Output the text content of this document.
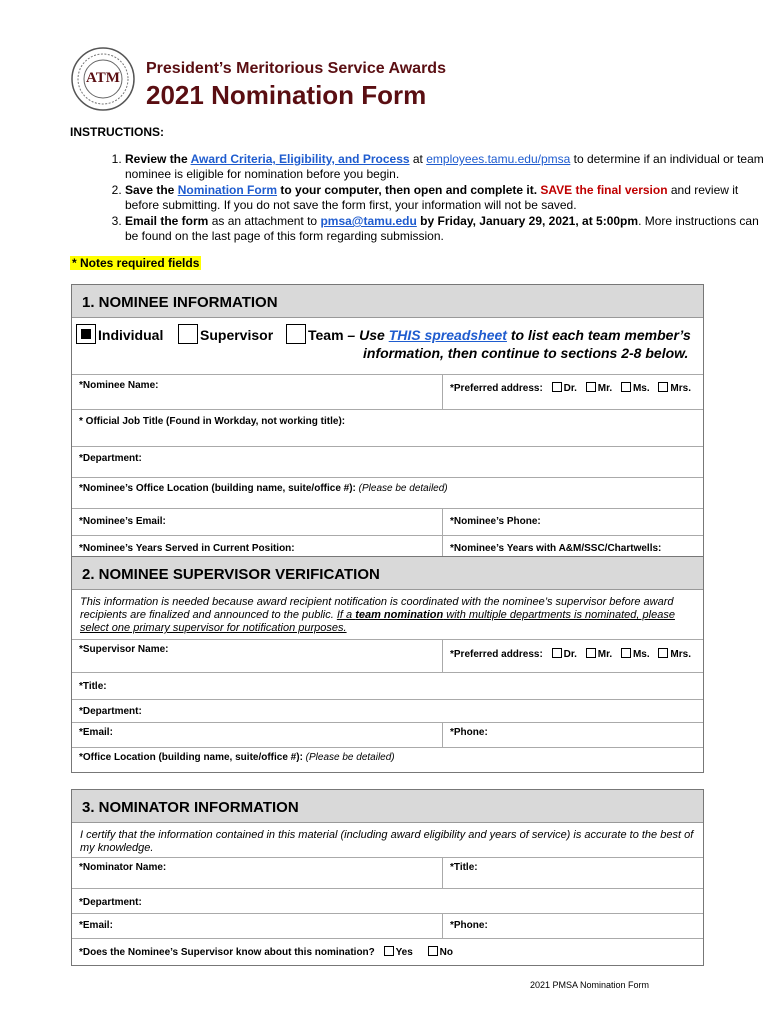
ATM
President’s Meritorious Service Awards
2021 Nomination Form
INSTRUCTIONS:
1. Review the Award Criteria, Eligibility, and Process at employees.tamu.edu/pmsa to determine if an individual or team nominee is eligible for nomination before you begin.
2. Save the Nomination Form to your computer, then open and complete it. SAVE the final version and review it before submitting. If you do not save the form first, your information will not be saved.
3. Email the form as an attachment to pmsa@tamu.edu by Friday, January 29, 2021, at 5:00pm. More instructions can be found on the last page of this form regarding submission.
* Notes required fields
1. NOMINEE INFORMATION
Individual	Supervisor	Team – Use THIS spreadsheet to list each team member’s
information, then continue to sections 2-8 below.
*Nominee Name:	*Preferred address: Dr. Mr. Ms. Mrs.
* Official Job Title (Found in Workday, not working title):
*Department:
*Nominee’s Office Location (building name, suite/office #): (Please be detailed)
*Nominee’s Email:	*Nominee’s Phone:
*Nominee’s Years Served in Current Position:	*Nominee’s Years with A&M/SSC/Chartwells:
2. NOMINEE SUPERVISOR VERIFICATION
This information is needed because award recipient notification is coordinated with the nominee’s supervisor before award recipients are finalized and announced to the public. If a team nomination with multiple departments is nominated, please select one primary supervisor for notification purposes.
*Supervisor Name:	*Preferred address: Dr. Mr. Ms. Mrs.
*Title:
*Department:
*Email:	*Phone:
*Office Location (building name, suite/office #): (Please be detailed)
3. NOMINATOR INFORMATION
I certify that the information contained in this material (including award eligibility and years of service) is accurate to the best of my knowledge.
*Nominator Name:	*Title:
*Department:
*Email:	*Phone:
*Does the Nominee’s Supervisor know about this nomination? Yes	No
2021 PMSA Nomination Form
